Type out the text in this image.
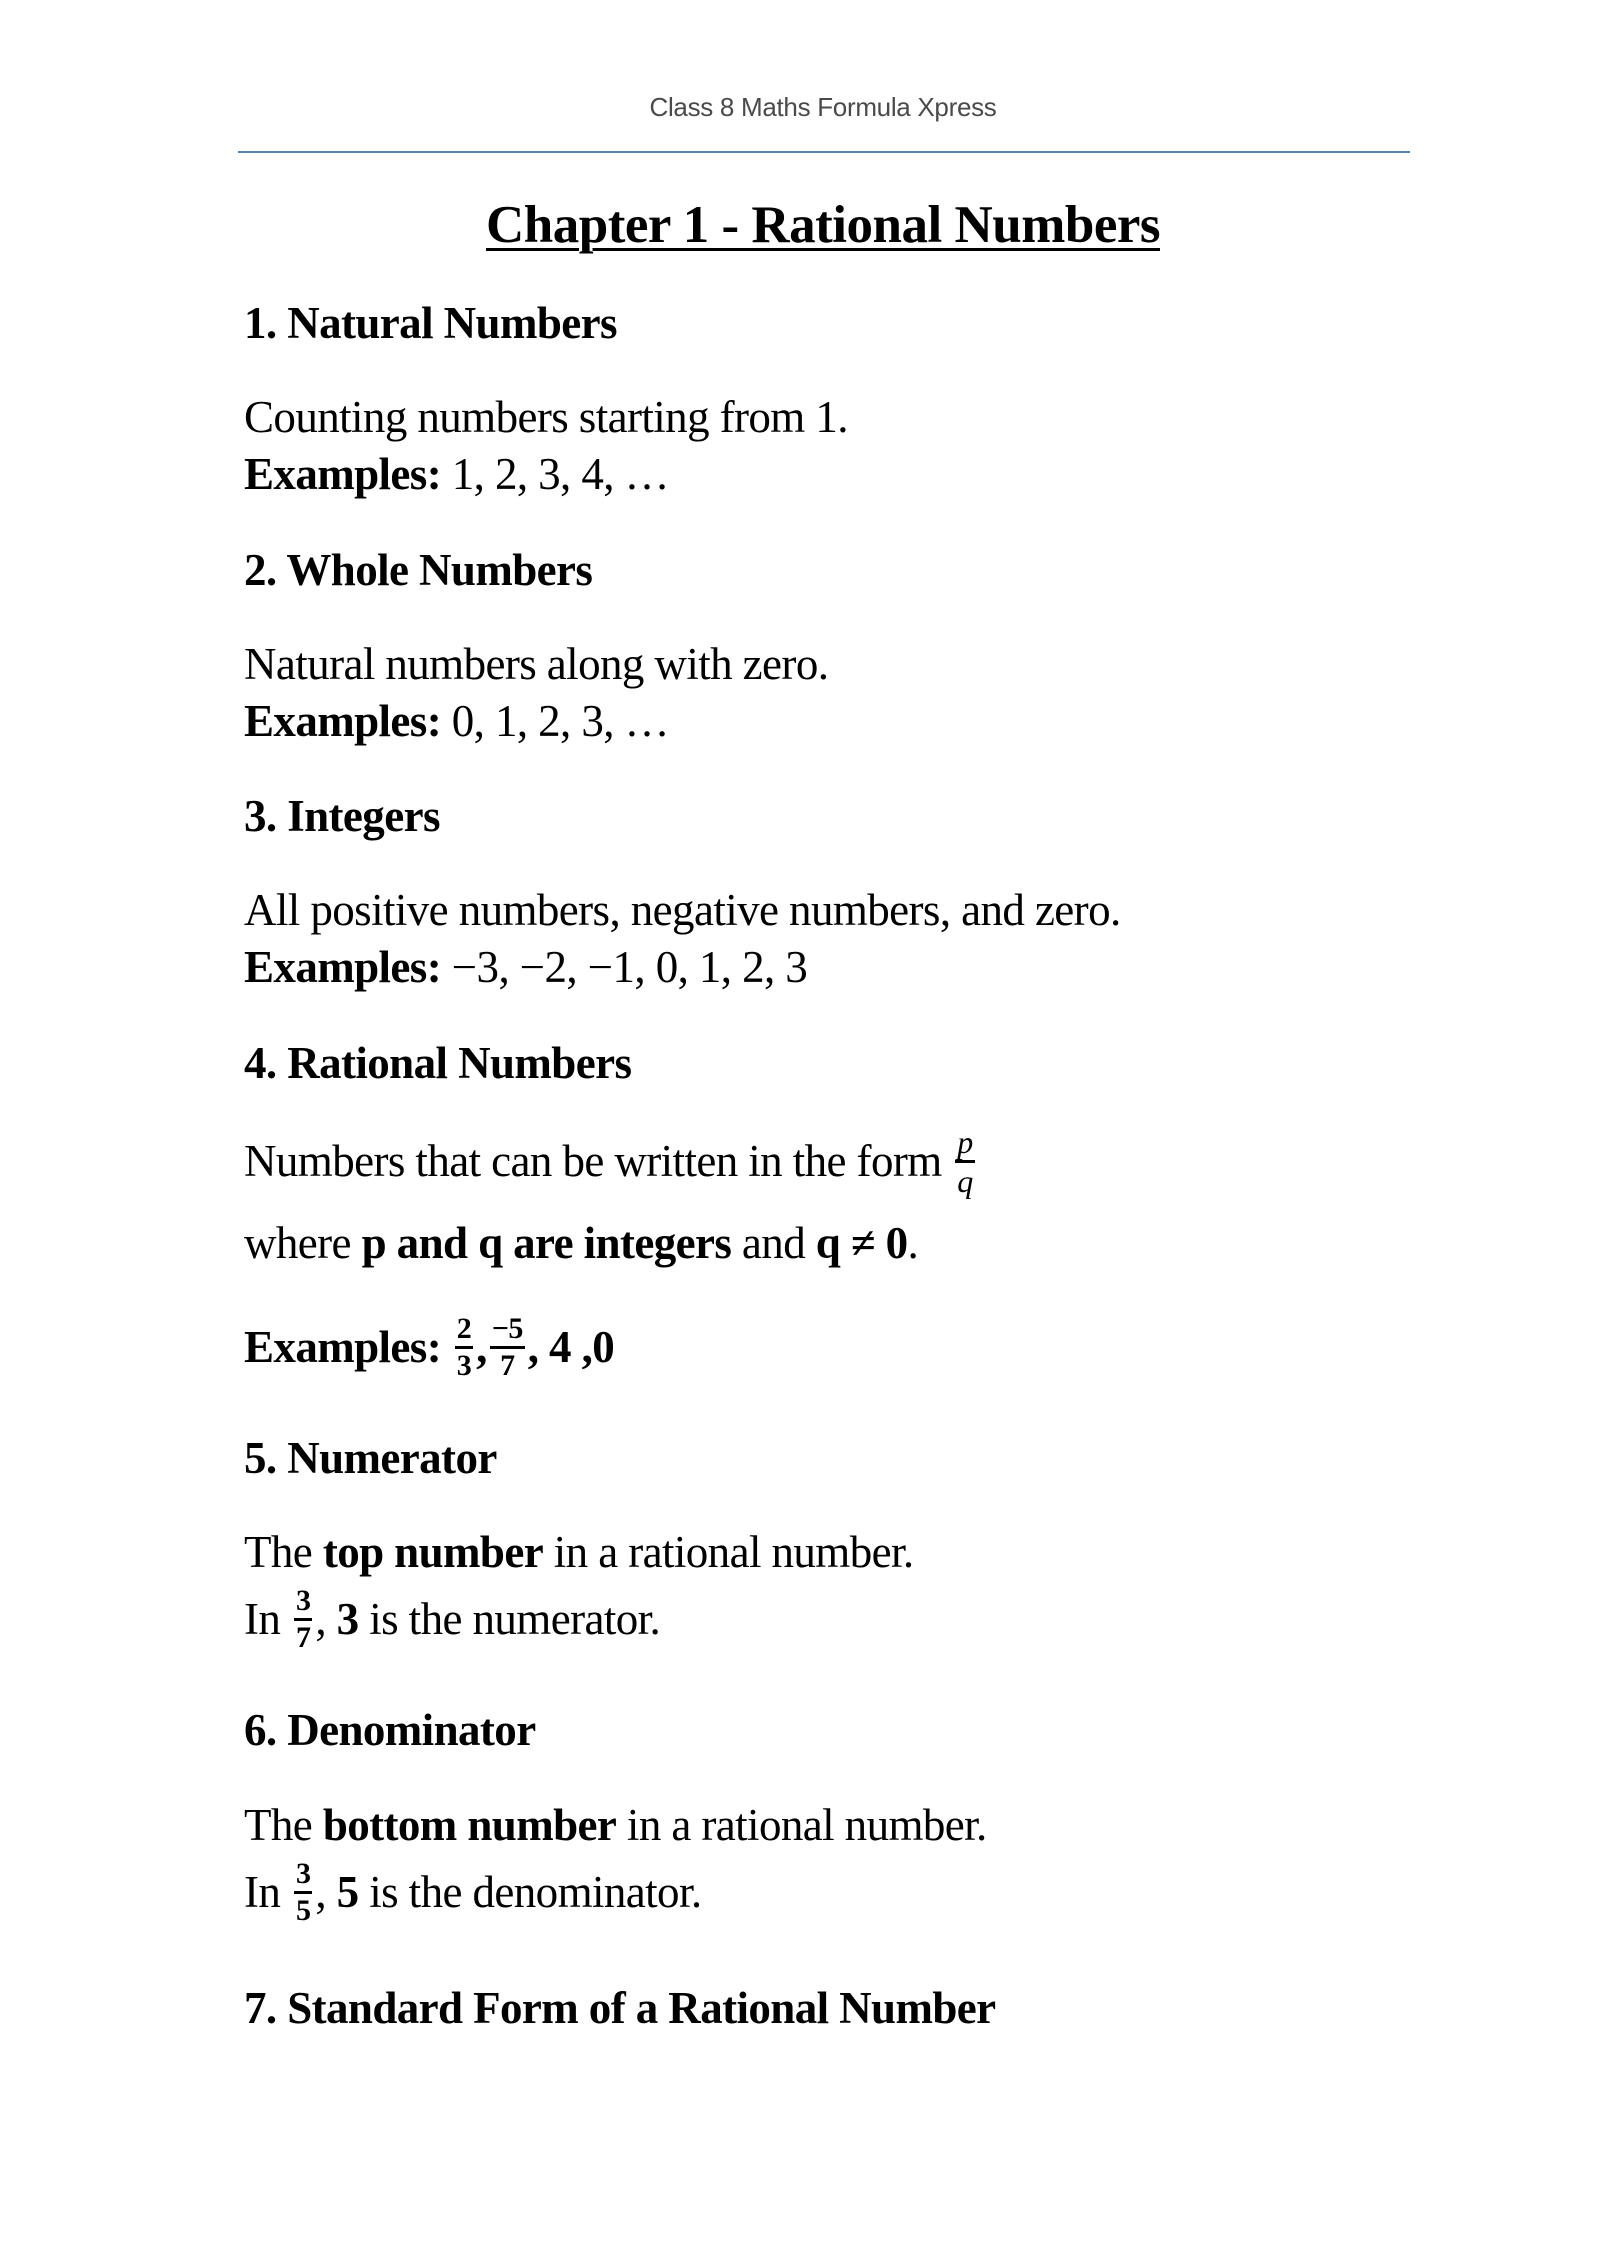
Class 8 Maths Formula Xpress
Chapter 1 - Rational Numbers
1. Natural Numbers
Counting numbers starting from 1.
Examples: 1, 2, 3, 4, …
2. Whole Numbers
Natural numbers along with zero.
Examples: 0, 1, 2, 3, …
3. Integers
All positive numbers, negative numbers, and zero.
Examples: −3, −2, −1, 0, 1, 2, 3
4. Rational Numbers
Numbers that can be written in the form $\frac{p}{q}$
where p and q are integers and q ≠ 0.
Examples: $\frac{2}{3}$ , $\frac{-5}{7}$ , 4 ,0
5. Numerator
The top number in a rational number.
In $\frac{3}{7}$ , 3 is the numerator.
6. Denominator
The bottom number in a rational number.
In $\frac{3}{5}$ , 5 is the denominator.
7. Standard Form of a Rational Number
